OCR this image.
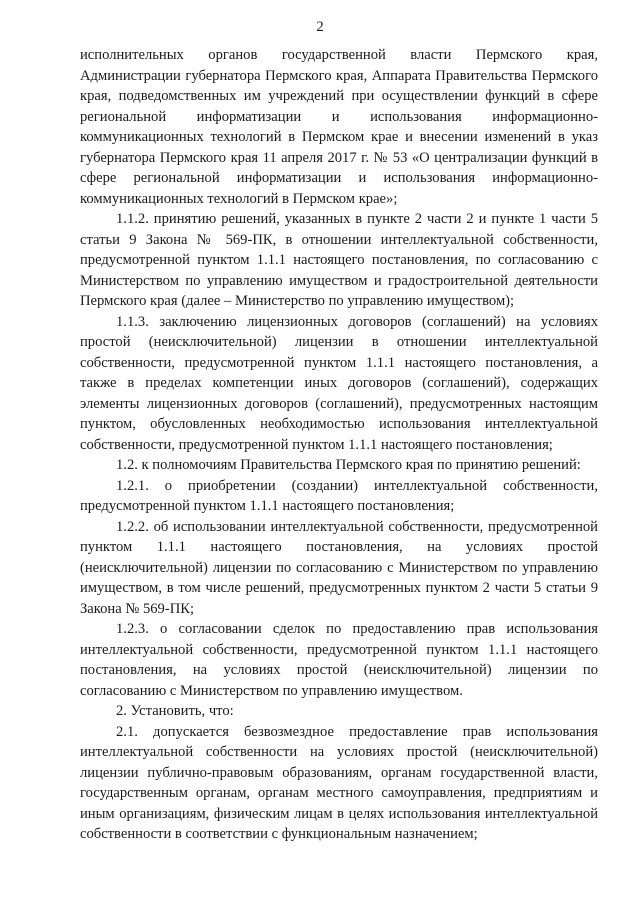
2

исполнительных органов государственной власти Пермского края, Администрации губернатора Пермского края, Аппарата Правительства Пермского края, подведомственных им учреждений при осуществлении функций в сфере региональной информатизации и использования информационно-коммуникационных технологий в Пермском крае и внесении изменений в указ губернатора Пермского края 11 апреля 2017 г. № 53 «О централизации функций в сфере региональной информатизации и использования информационно-коммуникационных технологий в Пермском крае»;

1.1.2. принятию решений, указанных в пункте 2 части 2 и пункте 1 части 5 статьи 9 Закона № 569-ПК, в отношении интеллектуальной собственности, предусмотренной пунктом 1.1.1 настоящего постановления, по согласованию с Министерством по управлению имуществом и градостроительной деятельности Пермского края (далее – Министерство по управлению имуществом);

1.1.3. заключению лицензионных договоров (соглашений) на условиях простой (неисключительной) лицензии в отношении интеллектуальной собственности, предусмотренной пунктом 1.1.1 настоящего постановления, а также в пределах компетенции иных договоров (соглашений), содержащих элементы лицензионных договоров (соглашений), предусмотренных настоящим пунктом, обусловленных необходимостью использования интеллектуальной собственности, предусмотренной пунктом 1.1.1 настоящего постановления;

1.2. к полномочиям Правительства Пермского края по принятию решений:

1.2.1. о приобретении (создании) интеллектуальной собственности, предусмотренной пунктом 1.1.1 настоящего постановления;

1.2.2. об использовании интеллектуальной собственности, предусмотренной пунктом 1.1.1 настоящего постановления, на условиях простой (неисключительной) лицензии по согласованию с Министерством по управлению имуществом, в том числе решений, предусмотренных пунктом 2 части 5 статьи 9 Закона № 569-ПК;

1.2.3. о согласовании сделок по предоставлению прав использования интеллектуальной собственности, предусмотренной пунктом 1.1.1 настоящего постановления, на условиях простой (неисключительной) лицензии по согласованию с Министерством по управлению имуществом.

2. Установить, что:

2.1. допускается безвозмездное предоставление прав использования интеллектуальной собственности на условиях простой (неисключительной) лицензии публично-правовым образованиям, органам государственной власти, государственным органам, органам местного самоуправления, предприятиям и иным организациям, физическим лицам в целях использования интеллектуальной собственности в соответствии с функциональным назначением;
